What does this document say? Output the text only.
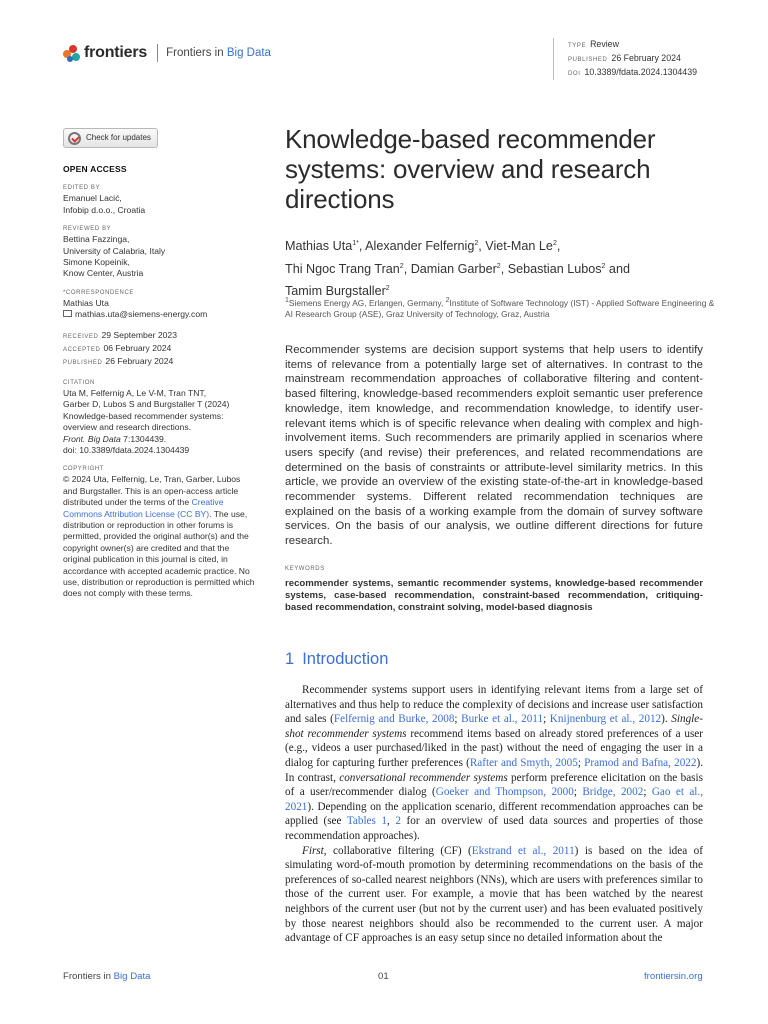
frontiers Frontiers in Big Data
TYPE Review
PUBLISHED 26 February 2024
DOI 10.3389/fdata.2024.1304439
Check for updates
OPEN ACCESS
EDITED BY
Emanuel Lacić,
Infobip d.o.o., Croatia
REVIEWED BY
Bettina Fazzinga,
University of Calabria, Italy
Simone Kopeinik,
Know Center, Austria
*CORRESPONDENCE
Mathias Uta
mathias.uta@siemens-energy.com
RECEIVED 29 September 2023
ACCEPTED 06 February 2024
PUBLISHED 26 February 2024
CITATION
Uta M, Felfernig A, Le V-M, Tran TNT,
Garber D, Lubos S and Burgstaller T (2024)
Knowledge-based recommender systems:
overview and research directions.
Front. Big Data 7:1304439.
doi: 10.3389/fdata.2024.1304439
COPYRIGHT
© 2024 Uta, Felfernig, Le, Tran, Garber, Lubos and Burgstaller. This is an open-access article distributed under the terms of the Creative Commons Attribution License (CC BY). The use, distribution or reproduction in other forums is permitted, provided the original author(s) and the copyright owner(s) are credited and that the original publication in this journal is cited, in accordance with accepted academic practice. No use, distribution or reproduction is permitted which does not comply with these terms.
Knowledge-based recommender systems: overview and research directions
Mathias Uta$^{1*}$, Alexander Felfernig$^2$, Viet-Man Le$^2$,
Thi Ngoc Trang Tran$^2$, Damian Garber$^2$, Sebastian Lubos$^2$ and
Tamim Burgstaller$^2$
$^1$Siemens Energy AG, Erlangen, Germany, $^2$Institute of Software Technology (IST) - Applied Software Engineering & AI Research Group (ASE), Graz University of Technology, Graz, Austria
Recommender systems are decision support systems that help users to identify items of relevance from a potentially large set of alternatives. In contrast to the mainstream recommendation approaches of collaborative filtering and content-based filtering, knowledge-based recommenders exploit semantic user preference knowledge, item knowledge, and recommendation knowledge, to identify user-relevant items which is of specific relevance when dealing with complex and high-involvement items. Such recommenders are primarily applied in scenarios where users specify (and revise) their preferences, and related recommendations are determined on the basis of constraints or attribute-level similarity metrics. In this article, we provide an overview of the existing state-of-the-art in knowledge-based recommender systems. Different related recommendation techniques are explained on the basis of a working example from the domain of survey software services. On the basis of our analysis, we outline different directions for future research.
KEYWORDS
recommender systems, semantic recommender systems, knowledge-based recommender systems, case-based recommendation, constraint-based recommendation, critiquing-based recommendation, constraint solving, model-based diagnosis
1 Introduction

Recommender systems support users in identifying relevant items from a large set of alternatives and thus help to reduce the complexity of decisions and increase user satisfaction and sales (Felfernig and Burke, 2008; Burke et al., 2011; Knijnenburg et al., 2012). Single-shot recommender systems recommend items based on already stored preferences of a user (e.g., videos a user purchased/liked in the past) without the need of engaging the user in a dialog for capturing further preferences (Rafter and Smyth, 2005; Pramod and Bafna, 2022). In contrast, conversational recommender systems perform preference elicitation on the basis of a user/recommender dialog (Goeker and Thompson, 2000; Bridge, 2002; Gao et al., 2021). Depending on the application scenario, different recommendation approaches can be applied (see Tables 1, 2 for an overview of used data sources and properties of those recommendation approaches).

First, collaborative filtering (CF) (Ekstrand et al., 2011) is based on the idea of simulating word-of-mouth promotion by determining recommendations on the basis of the preferences of so-called nearest neighbors (NNs), which are users with preferences similar to those of the current user. For example, a movie that has been watched by the nearest neighbors of the current user (but not by the current user) and has been evaluated positively by those nearest neighbors should also be recommended to the current user. A major advantage of CF approaches is an easy setup since no detailed information about the

Frontiers in Big Data	01	frontiersin.org
